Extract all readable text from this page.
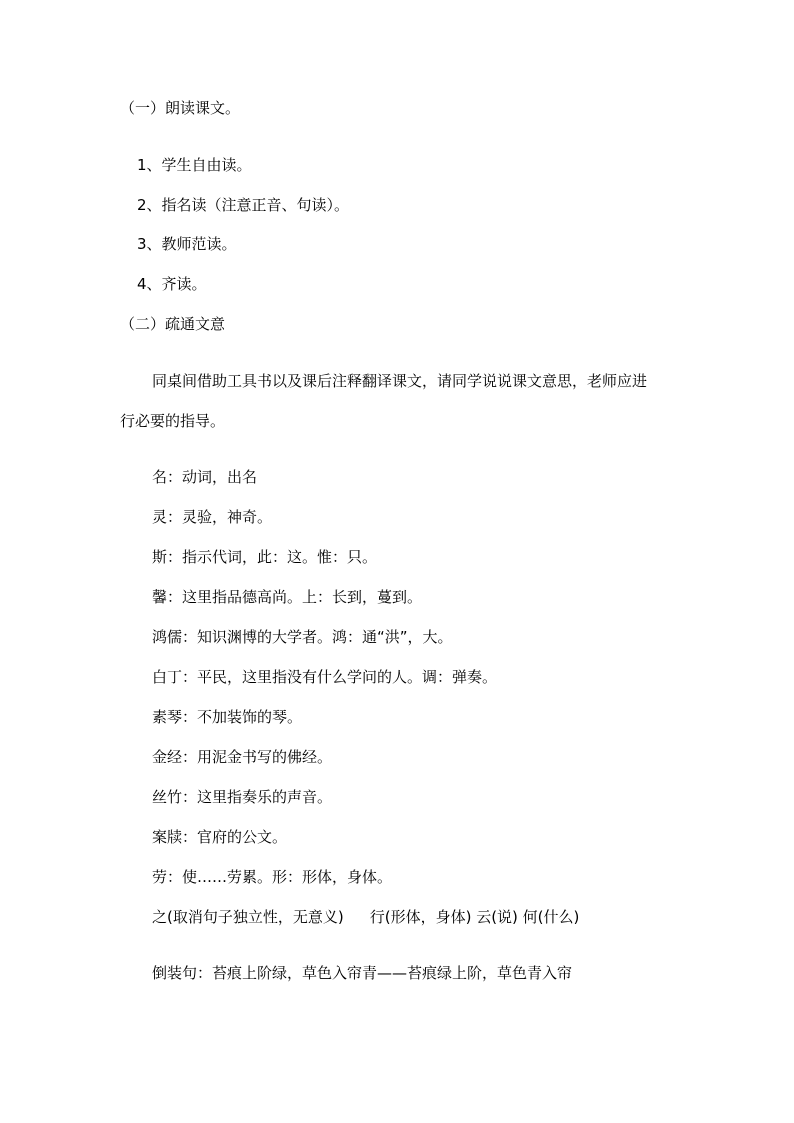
（一）朗读课文。
1、学生自由读。
2、指名读（注意正音、句读）。
3、教师范读。
4、齐读。
（二）疏通文意
同桌间借助工具书以及课后注释翻译课文，请同学说说课文意思，老师应进
行必要的指导。
名：动词，出名
灵：灵验，神奇。
斯：指示代词，此：这。惟：只。
馨：这里指品德高尚。上：长到，蔓到。
鸿儒：知识渊博的大学者。鸿：通“洪”，大。
白丁：平民，这里指没有什么学问的人。调：弹奏。
素琴：不加装饰的琴。
金经：用泥金书写的佛经。
丝竹：这里指奏乐的声音。
案牍：官府的公文。
劳：使……劳累。形：形体，身体。
之(取消句子独立性，无意义) 行(形体，身体) 云(说) 何(什么)
倒装句：苔痕上阶绿，草色入帘青——苔痕绿上阶，草色青入帘
